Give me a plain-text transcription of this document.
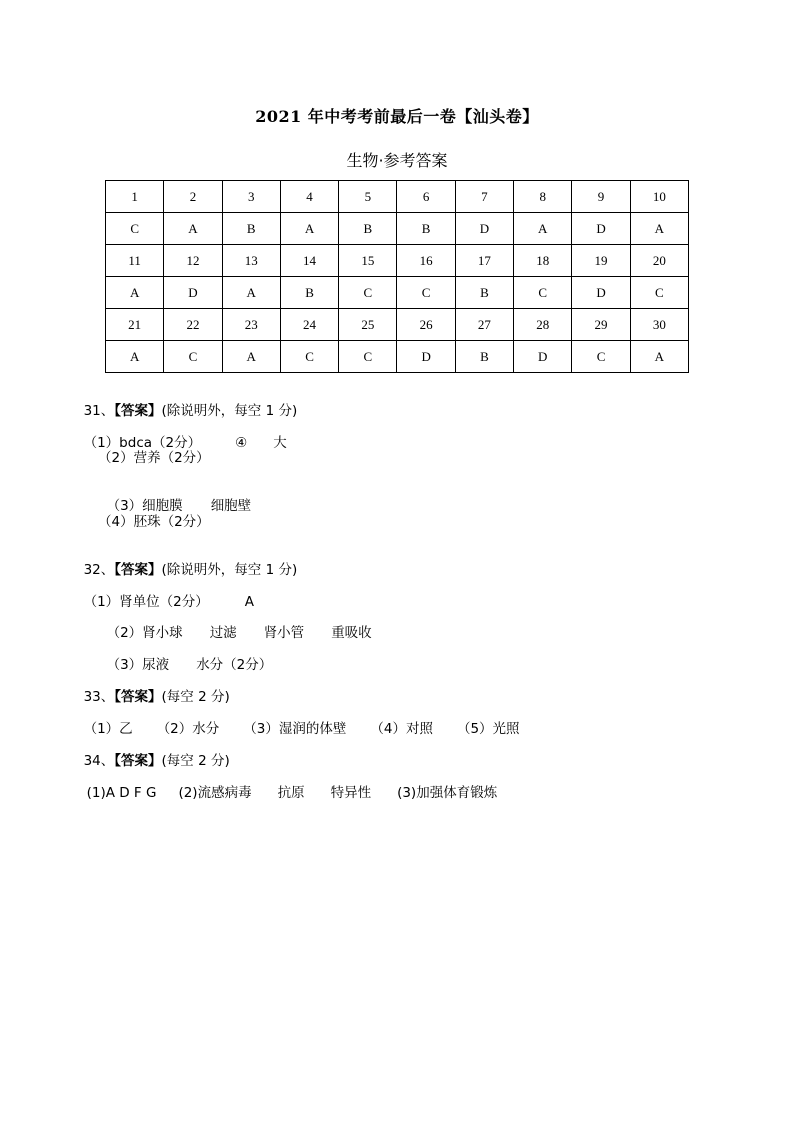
2021 年中考考前最后一卷【汕头卷】
生物·参考答案
1	2	3	4	5	6	7	8	9	10
C	A	B	A	B	B	D	A	D	A
11	12	13	14	15	16	17	18	19	20
A	D	A	B	C	C	B	C	D	C
21	22	23	24	25	26	27	28	29	30
A	C	A	C	C	D	B	D	C	A

31、【答案】(除说明外，每空 1 分)

（1）bdca（2分）	④ 大

（2）营养（2分）

（3）细胞膜 细胞壁

（4）胚珠（2分）

32、【答案】(除说明外，每空 1 分)

（1）肾单位（2分）	A

（2）肾小球 过滤 肾小管 重吸收

（3）尿液 水分（2分）

33、【答案】(每空 2 分)

（1）乙 （2）水分 （3）湿润的体壁 （4）对照 （5）光照

34、【答案】(每空 2 分)

(1)A D F G (2)流感病毒 抗原 特异性 (3)加强体育锻炼
